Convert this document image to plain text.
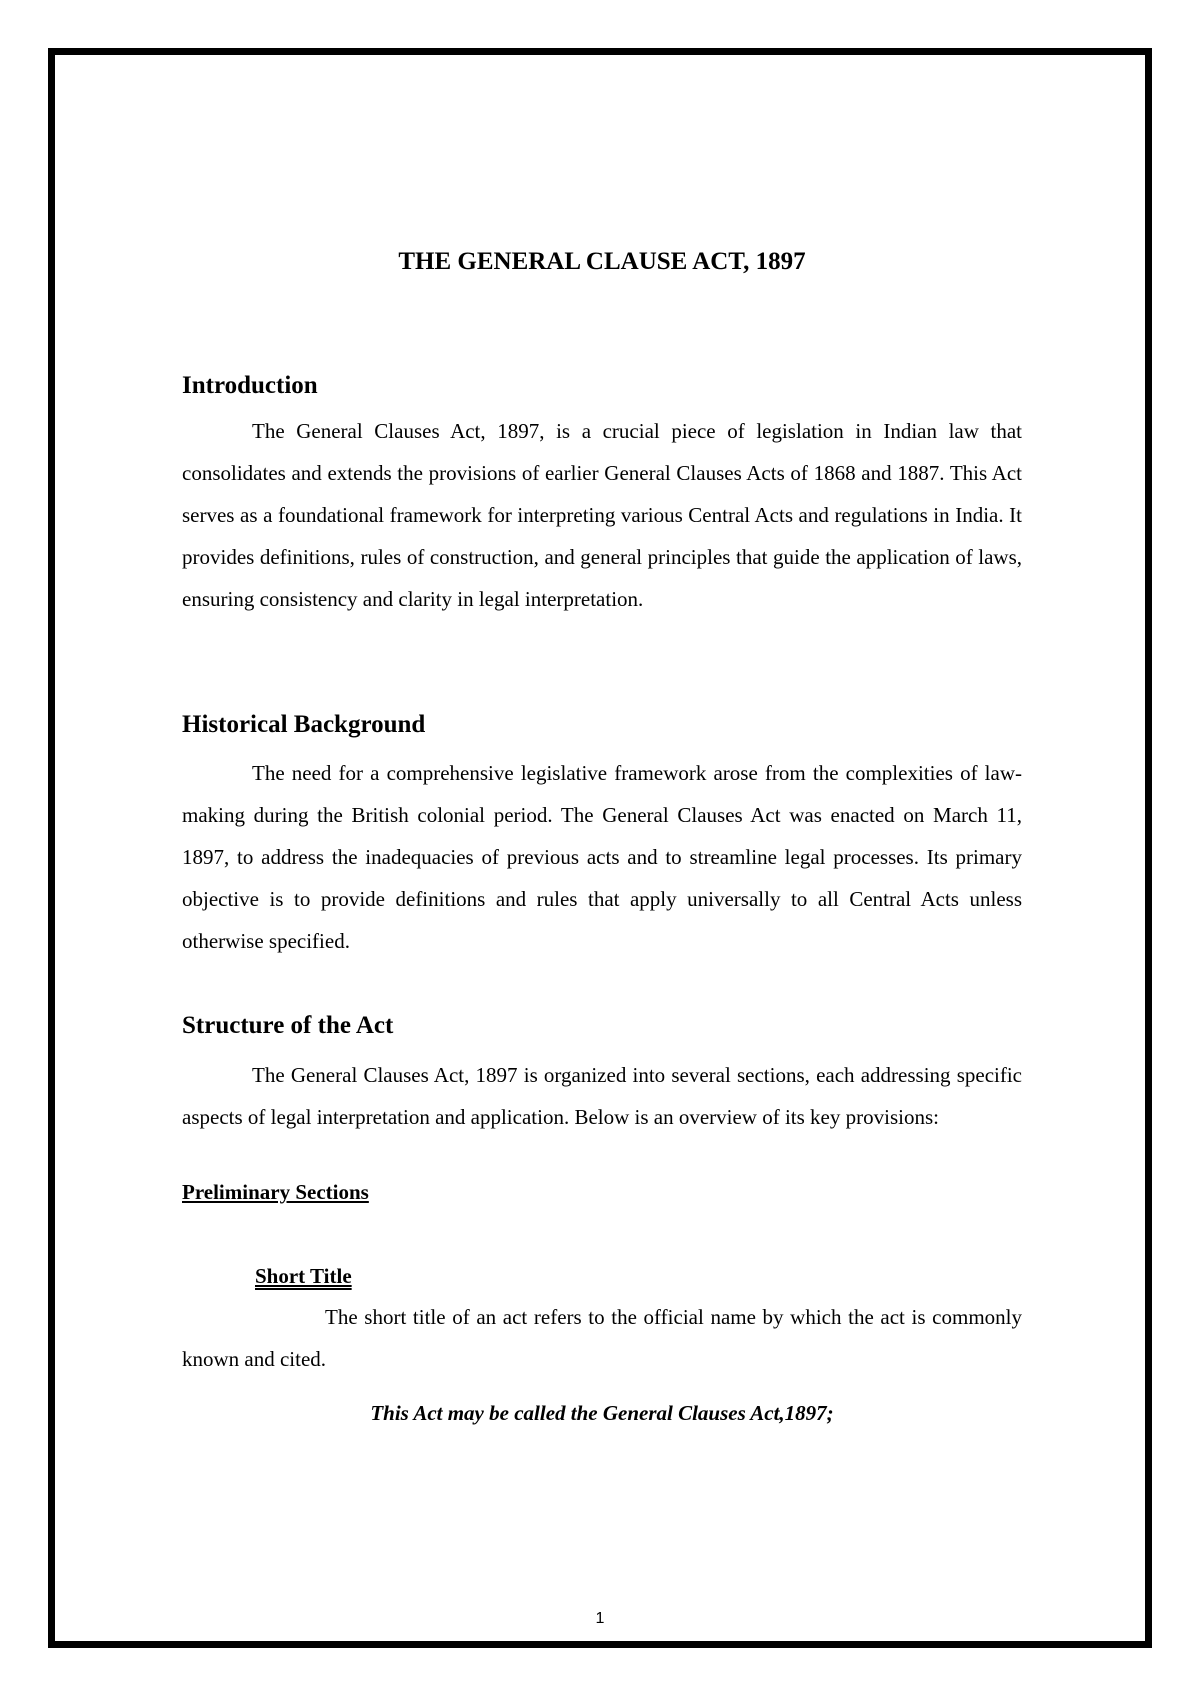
THE GENERAL CLAUSE ACT, 1897
Introduction
The General Clauses Act, 1897, is a crucial piece of legislation in Indian law that consolidates and extends the provisions of earlier General Clauses Acts of 1868 and 1887. This Act serves as a foundational framework for interpreting various Central Acts and regulations in India. It provides definitions, rules of construction, and general principles that guide the application of laws, ensuring consistency and clarity in legal interpretation.
Historical Background
The need for a comprehensive legislative framework arose from the complexities of law-making during the British colonial period. The General Clauses Act was enacted on March 11, 1897, to address the inadequacies of previous acts and to streamline legal processes. Its primary objective is to provide definitions and rules that apply universally to all Central Acts unless otherwise specified.
Structure of the Act
The General Clauses Act, 1897 is organized into several sections, each addressing specific aspects of legal interpretation and application. Below is an overview of its key provisions:
Preliminary Sections
Short Title
The short title of an act refers to the official name by which the act is commonly known and cited.
This Act may be called the General Clauses Act,1897;
1
